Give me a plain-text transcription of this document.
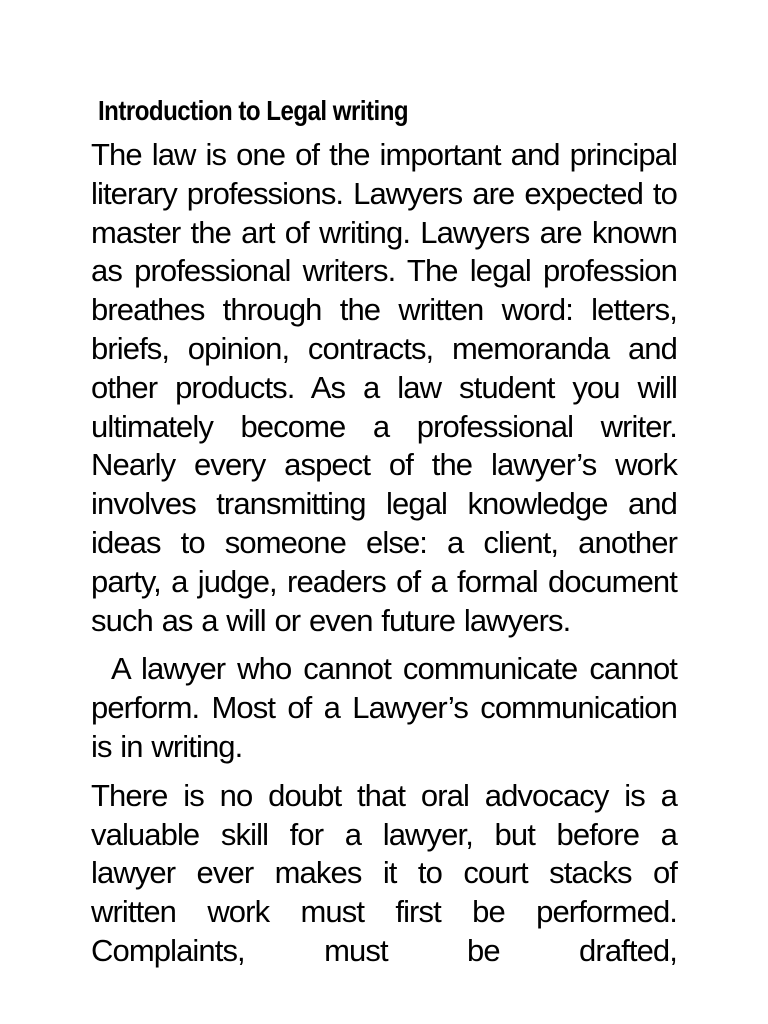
Introduction to Legal writing

The law is one of the important and principal literary professions. Lawyers are expected to master the art of writing. Lawyers are known as professional writers. The legal profession breathes through the written word: letters, briefs, opinion, contracts, memoranda and other products. As a law student you will ultimately become a professional writer. Nearly every aspect of the lawyer’s work involves transmitting legal knowledge and ideas to someone else: a client, another party, a judge, readers of a formal document such as a will or even future lawyers.

A lawyer who cannot communicate cannot perform. Most of a Lawyer’s communication is in writing.

There is no doubt that oral advocacy is a valuable skill for a lawyer, but before a lawyer ever makes it to court stacks of written work must first be performed. Complaints, must be drafted,
